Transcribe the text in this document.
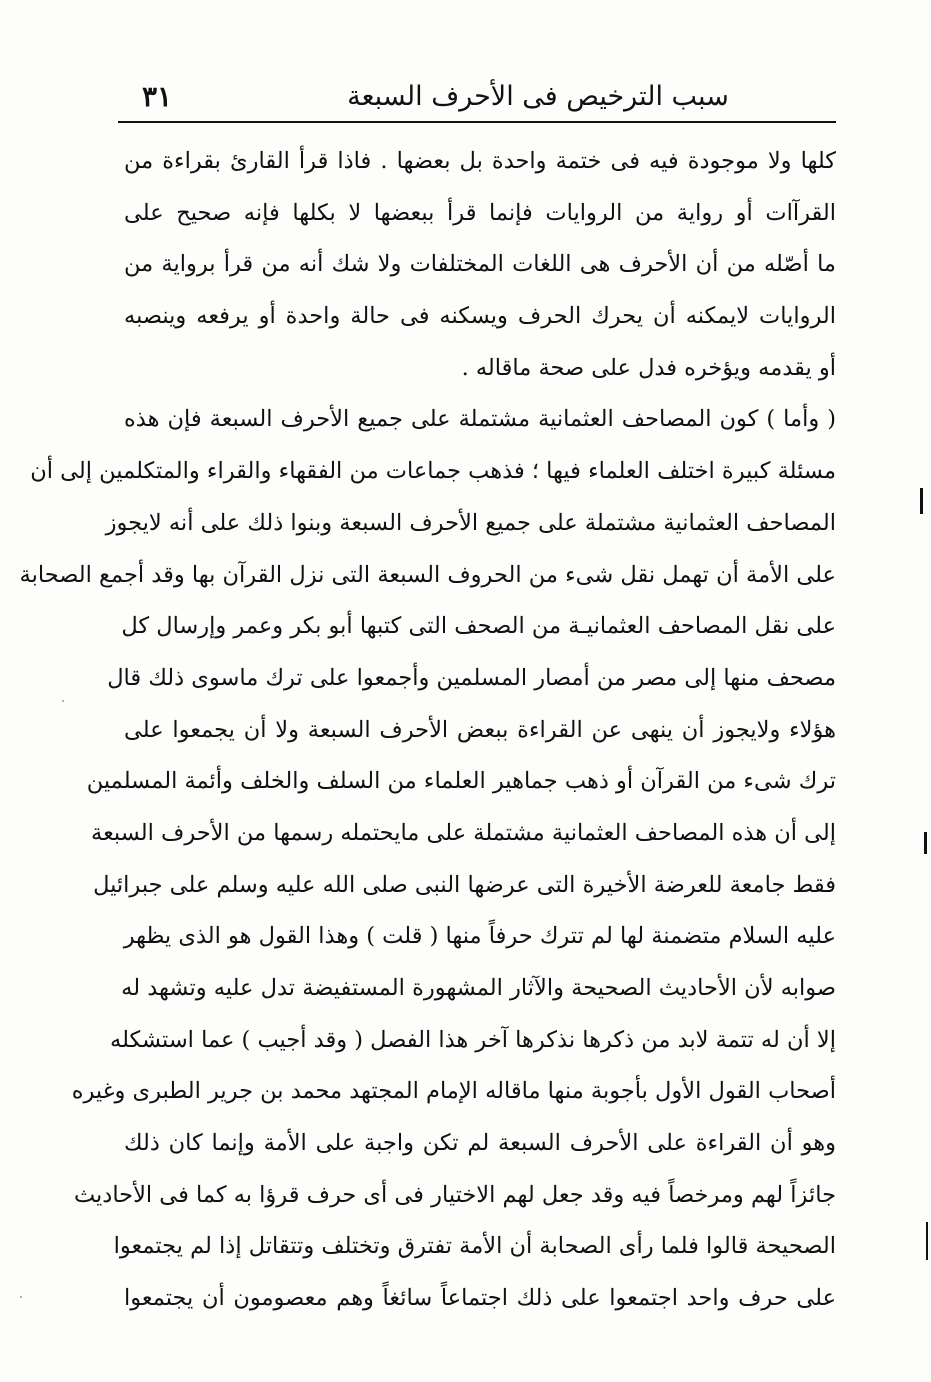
٣١	سبب الترخيص فى الأحرف السبعة
كلها ولا موجودة فيه فى ختمة واحدة بل بعضها . فاذا قرأ القارئ بقراءة من
القرآات أو رواية من الروايات فإنما قرأ ببعضها لا بكلها فإنه صحيح على
ما أصّله من أن الأحرف هى اللغات المختلفات ولا شك أنه من قرأ برواية من
الروايات لايمكنه أن يحرك الحرف ويسكنه فى حالة واحدة أو يرفعه وينصبه
أو يقدمه ويؤخره فدل على صحة ماقاله .
( وأما ) كون المصاحف العثمانية مشتملة على جميع الأحرف السبعة فإن هذه
مسئلة كبيرة اختلف العلماء فيها ؛ فذهب جماعات من الفقهاء والقراء والمتكلمين إلى أن
المصاحف العثمانية مشتملة على جميع الأحرف السبعة وبنوا ذلك على أنه لايجوز
على الأمة أن تهمل نقل شىء من الحروف السبعة التى نزل القرآن بها وقد أجمع الصحابة
على نقل المصاحف العثمانيـة من الصحف التى كتبها أبو بكر وعمر وإرسال كل
مصحف منها إلى مصر من أمصار المسلمين وأجمعوا على ترك ماسوى ذلك قال
هؤلاء ولايجوز أن ينهى عن القراءة ببعض الأحرف السبعة ولا أن يجمعوا على
ترك شىء من القرآن أو ذهب جماهير العلماء من السلف والخلف وأئمة المسلمين
إلى أن هذه المصاحف العثمانية مشتملة على مايحتمله رسمها من الأحرف السبعة
فقط جامعة للعرضة الأخيرة التى عرضها النبى صلى الله عليه وسلم على جبرائيل
عليه السلام متضمنة لها لم تترك حرفاً منها ( قلت ) وهذا القول هو الذى يظهر
صوابه لأن الأحاديث الصحيحة والآثار المشهورة المستفيضة تدل عليه وتشهد له
إلا أن له تتمة لابد من ذكرها نذكرها آخر هذا الفصل ( وقد أجيب ) عما استشكله
أصحاب القول الأول بأجوبة منها ماقاله الإمام المجتهد محمد بن جرير الطبرى وغيره
وهو أن القراءة على الأحرف السبعة لم تكن واجبة على الأمة وإنما كان ذلك
جائزاً لهم ومرخصاً فيه وقد جعل لهم الاختيار فى أى حرف قرؤا به كما فى الأحاديث
الصحيحة قالوا فلما رأى الصحابة أن الأمة تفترق وتختلف وتتقاتل إذا لم يجتمعوا
على حرف واحد اجتمعوا على ذلك اجتماعاً سائغاً وهم معصومون أن يجتمعوا
